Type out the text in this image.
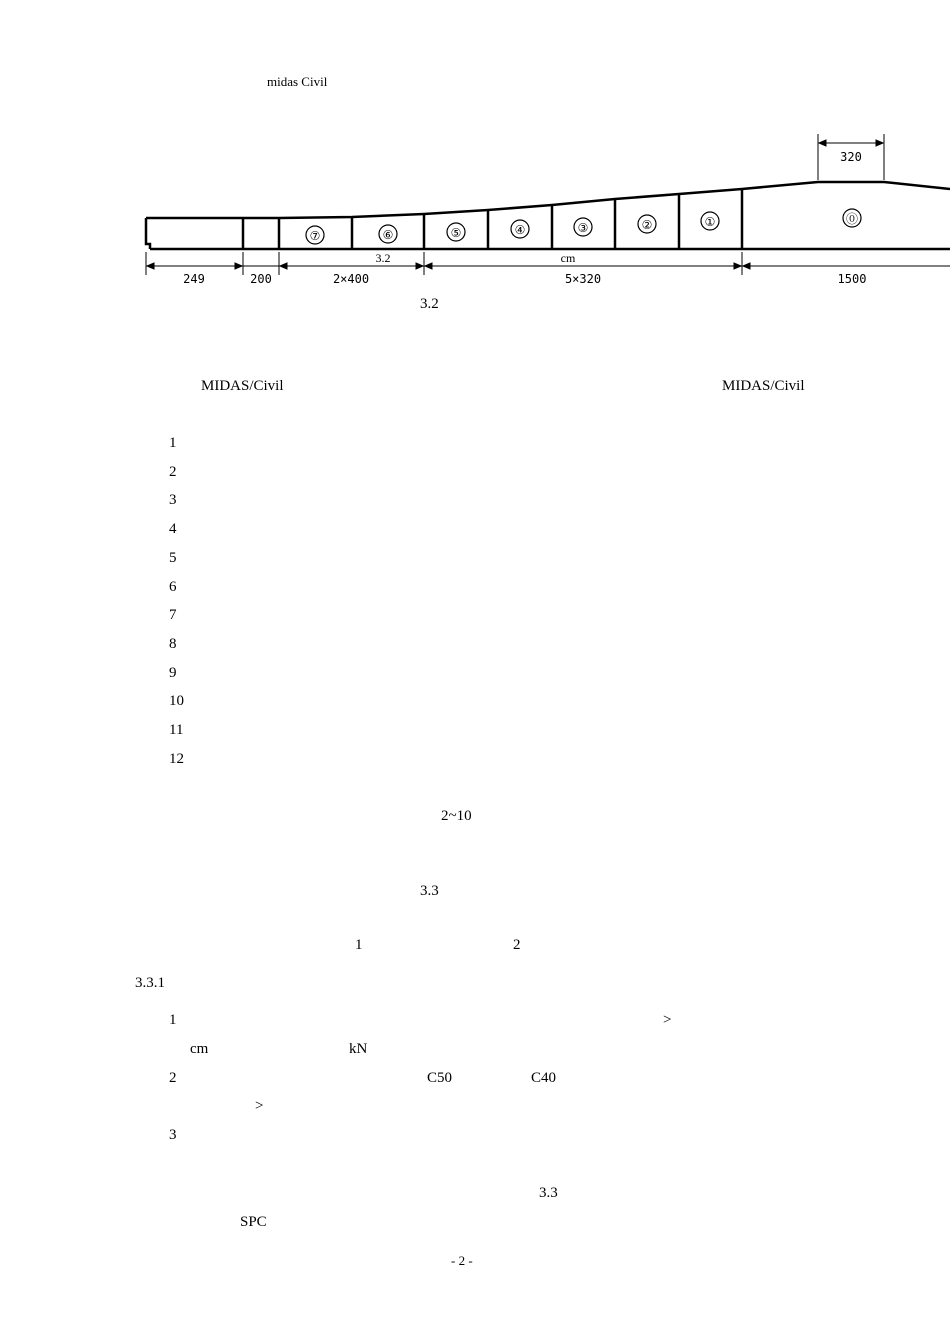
midas Civil
⑦	⑥	⑤	④	③	②	①	⓪
320
249	200	2×400	5×320	1500
3.2	cm
3.2
MIDAS/Civil	MIDAS/Civil
1
2
3
4
5
6
7
8
9
10
11
12
2~10
3.3
1	2
3.3.1
1	>
cm	kN
2	C50	C40
>
3
3.3
SPC
- 2 -
